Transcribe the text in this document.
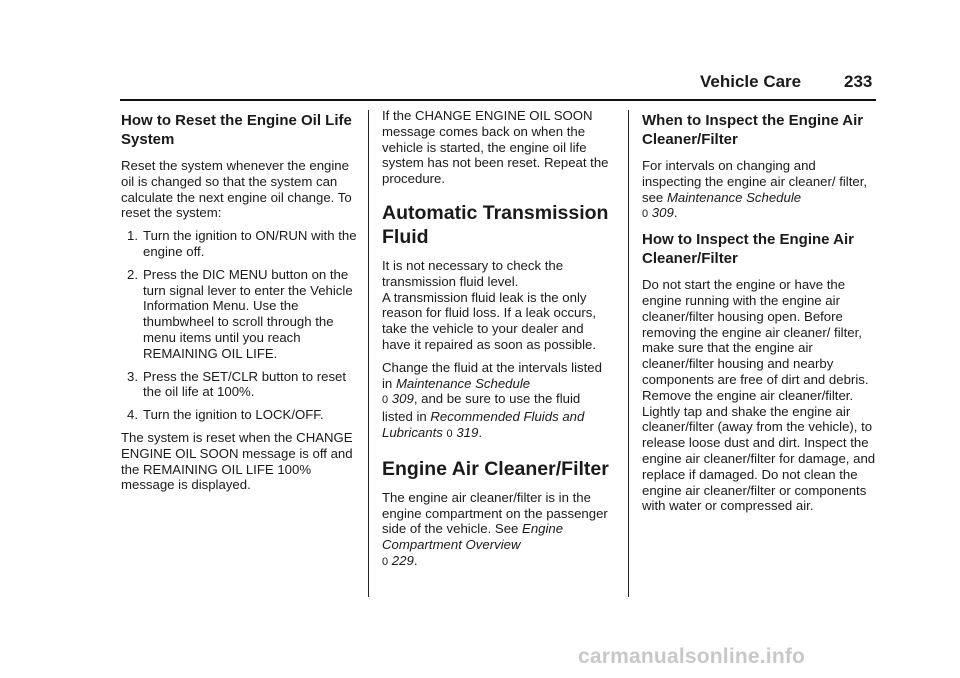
Vehicle Care	233
How to Reset the Engine Oil Life System

Reset the system whenever the engine oil is changed so that the system can calculate the next engine oil change. To reset the system:

1. Turn the ignition to ON/RUN with the engine off.
2. Press the DIC MENU button on the turn signal lever to enter the Vehicle Information Menu. Use the thumbwheel to scroll through the menu items until you reach REMAINING OIL LIFE.
3. Press the SET/CLR button to reset the oil life at 100%.
4. Turn the ignition to LOCK/OFF.

The system is reset when the CHANGE ENGINE OIL SOON message is off and the REMAINING OIL LIFE 100% message is displayed.

If the CHANGE ENGINE OIL SOON message comes back on when the vehicle is started, the engine oil life system has not been reset. Repeat the procedure.

Automatic Transmission Fluid

It is not necessary to check the transmission fluid level.

A transmission fluid leak is the only reason for fluid loss. If a leak occurs, take the vehicle to your dealer and have it repaired as soon as possible.

Change the fluid at the intervals listed in Maintenance Schedule
0 309, and be sure to use the fluid listed in Recommended Fluids and Lubricants 0 319.

Engine Air Cleaner/Filter

The engine air cleaner/filter is in the engine compartment on the passenger side of the vehicle. See Engine Compartment Overview
0 229.

When to Inspect the Engine Air Cleaner/Filter

For intervals on changing and inspecting the engine air cleaner/ filter, see Maintenance Schedule
0 309.

How to Inspect the Engine Air Cleaner/Filter

Do not start the engine or have the engine running with the engine air cleaner/filter housing open. Before removing the engine air cleaner/ filter, make sure that the engine air cleaner/filter housing and nearby components are free of dirt and debris. Remove the engine air cleaner/filter. Lightly tap and shake the engine air cleaner/filter (away from the vehicle), to release loose dust and dirt. Inspect the engine air cleaner/filter for damage, and replace if damaged. Do not clean the engine air cleaner/filter or components with water or compressed air.

carmanualsonline.info
